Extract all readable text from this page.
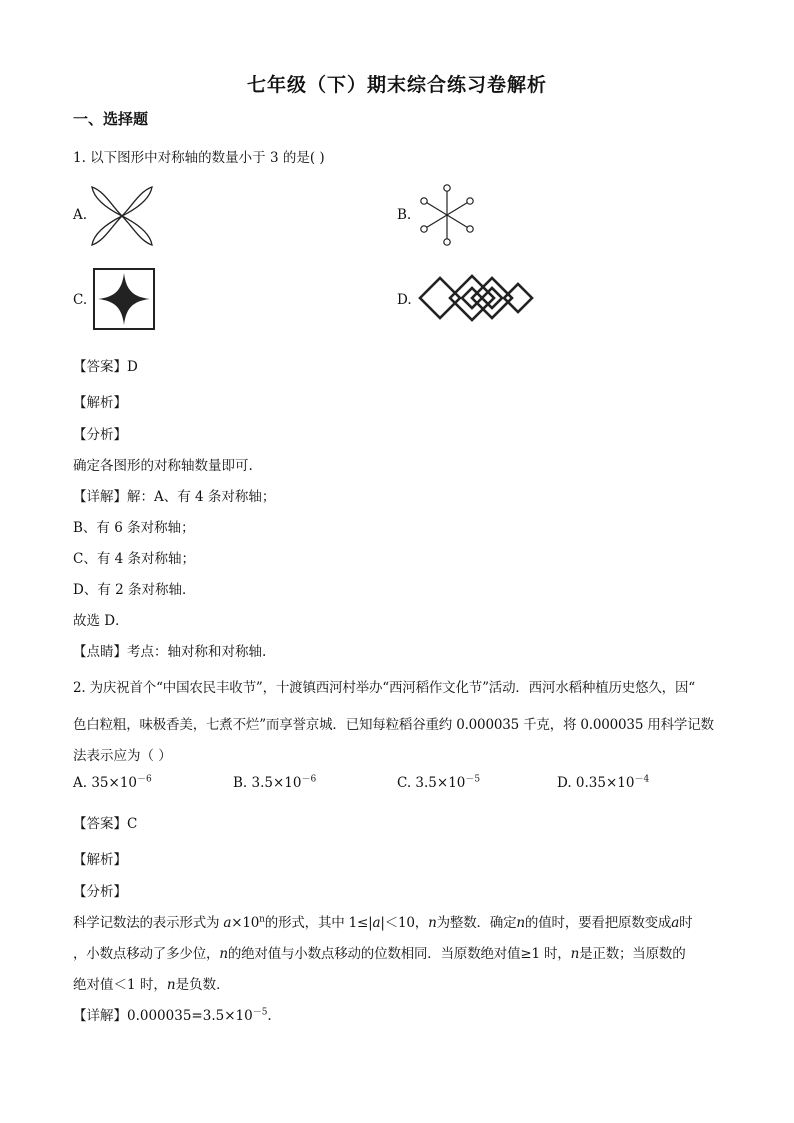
七年级（下）期末综合练习卷解析
一、选择题
1. 以下图形中对称轴的数量小于 3 的是( )
A.	B.
C.	D.
【答案】D
【解析】
【分析】
确定各图形的对称轴数量即可.
【详解】解：A、有 4 条对称轴；
B、有 6 条对称轴；
C、有 4 条对称轴；
D、有 2 条对称轴．
故选 D．
【点睛】考点：轴对称和对称轴.
2. 为庆祝首个“中国农民丰收节”，十渡镇西河村举办“西河稻作文化节”活动．西河水稻种植历史悠久，因“
色白粒粗，味极香美，七煮不烂”而享誉京城．已知每粒稻谷重约 0.000035 千克，将 0.000035 用科学记数
法表示应为（ ）
A. $35\times 10^{-6}$	B. $3.5\times 10^{-6}$	C. $3.5\times 10^{-5}$	D. $0.35\times 10^{-4}$
【答案】C
【解析】
【分析】
科学记数法的表示形式为 $a\times 10^n$的形式，其中 1≤|a|＜10，n为整数．确定n的值时，要看把原数变成a时
，小数点移动了多少位，n的绝对值与小数点移动的位数相同．当原数绝对值≥1 时，n是正数；当原数的
绝对值＜1 时，n是负数．
【详解】$0.000035=3.5\times 10^{-5}$.
